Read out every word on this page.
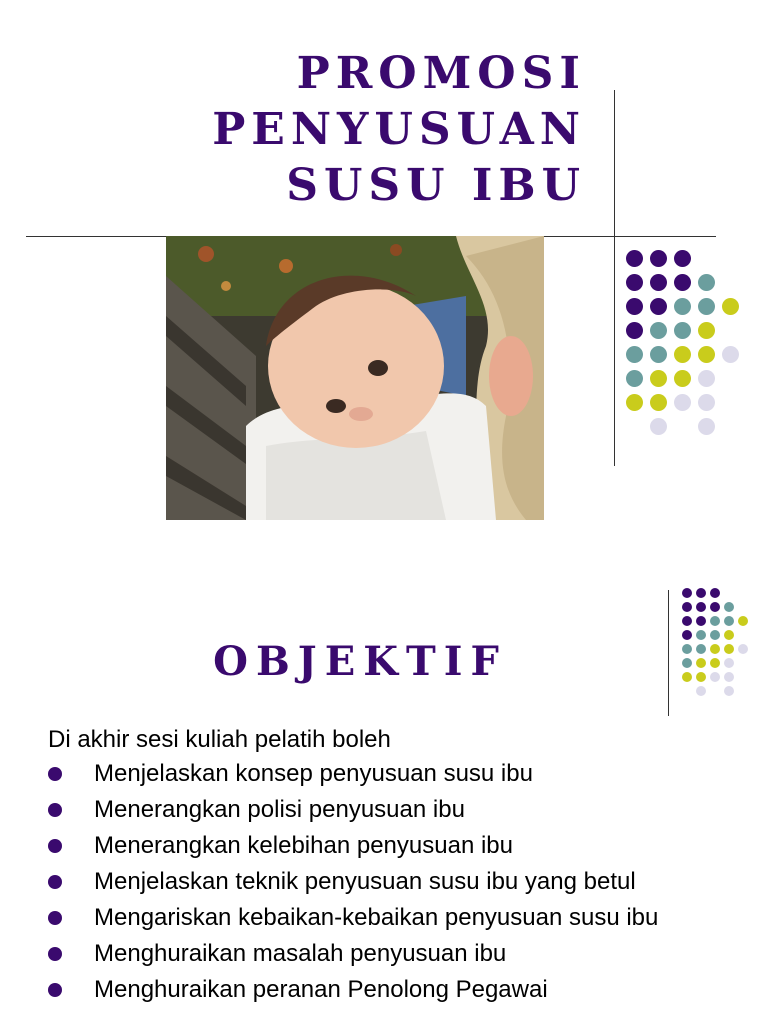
PROMOSI
PENYUSUAN
SUSU IBU
OBJEKTIF
Di akhir sesi kuliah pelatih boleh
Menjelaskan konsep penyusuan susu ibu
Menerangkan polisi penyusuan ibu
Menerangkan kelebihan penyusuan ibu
Menjelaskan teknik penyusuan susu ibu yang betul
Mengariskan kebaikan-kebaikan penyusuan susu ibu
Menghuraikan masalah penyusuan ibu
Menghuraikan peranan Penolong Pegawai
